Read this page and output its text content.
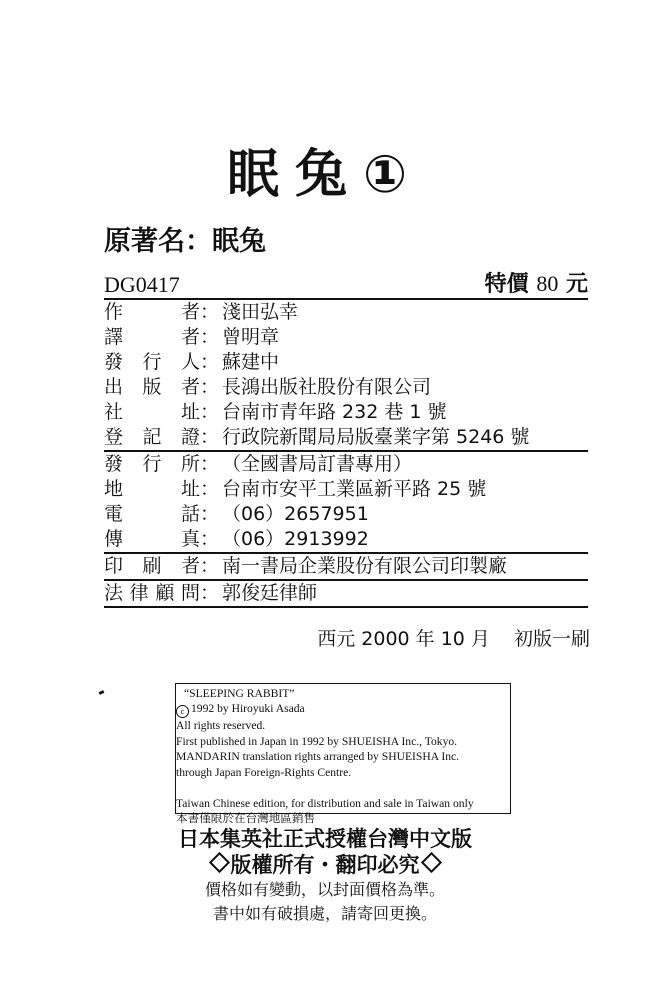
眠兔①
原著名：眠兔
DG0417	特價 80 元
作	者 ： 淺田弘幸
譯	者 ： 曾明章
發 行 人 ： 蘇建中
出 版 者 ： 長鴻出版社股份有限公司
社	址 ： 台南市青年路 232 巷 1 號
登 記 證 ： 行政院新聞局局版臺業字第 5246 號
發 行 所 ： （全國書局訂書專用）
地	址 ： 台南市安平工業區新平路 25 號
電	話 ： （06）2657951
傳	真 ： （06）2913992
印 刷 者 ： 南一書局企業股份有限公司印製廠
法 律 顧 問 ： 郭俊廷律師
西元 2000 年 10 月 初版一刷
“SLEEPING RABBIT”
c 1992 by Hiroyuki Asada
All rights reserved.
First published in Japan in 1992 by SHUEISHA Inc., Tokyo.
MANDARIN translation rights arranged by SHUEISHA Inc.
through Japan Foreign-Rights Centre.
Taiwan Chinese edition, for distribution and sale in Taiwan only
本書僅限於在台灣地區銷售
日本集英社正式授權台灣中文版
版權所有・翻印必究
價格如有變動，以封面價格為準。
書中如有破損處，請寄回更換。
